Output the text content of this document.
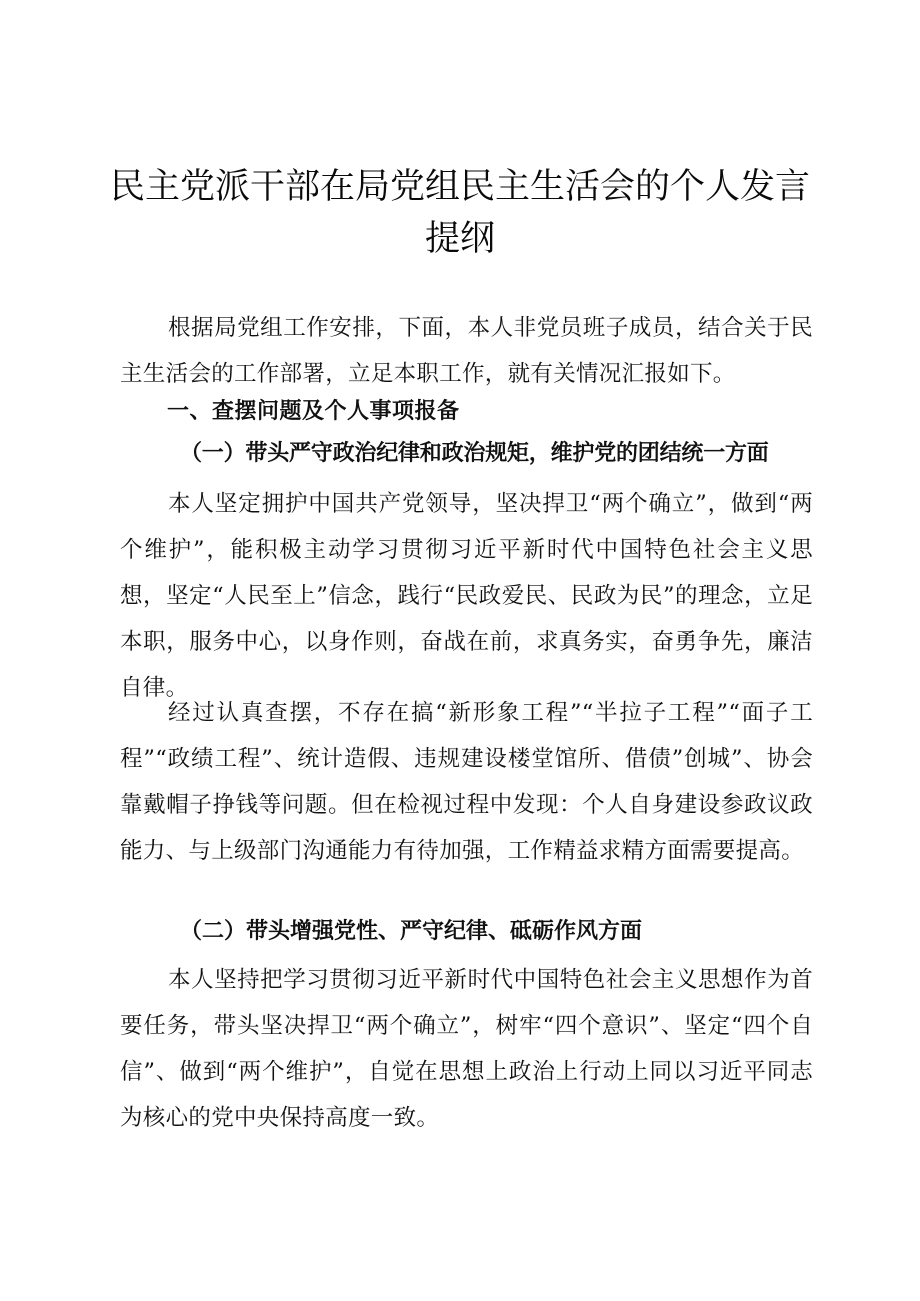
民主党派干部在局党组民主生活会的个人发言
提纲

根据局党组工作安排，下面，本人非党员班子成员，结合关于民主生活会的工作部署，立足本职工作，就有关情况汇报如下。

一、查摆问题及个人事项报备
（一）带头严守政治纪律和政治规矩，维护党的团结统一方面

本人坚定拥护中国共产党领导，坚决捍卫“两个确立”，做到“两个维护”，能积极主动学习贯彻习近平新时代中国特色社会主义思想，坚定“人民至上”信念，践行“民政爱民、民政为民”的理念，立足本职，服务中心，以身作则，奋战在前，求真务实，奋勇争先，廉洁自律。

经过认真查摆，不存在搞“新形象工程”“半拉子工程”“面子工程”“政绩工程”、统计造假、违规建设楼堂馆所、借债”创城”、协会靠戴帽子挣钱等问题。但在检视过程中发现：个人自身建设参政议政能力、与上级部门沟通能力有待加强，工作精益求精方面需要提高。

（二）带头增强党性、严守纪律、砥砺作风方面

本人坚持把学习贯彻习近平新时代中国特色社会主义思想作为首要任务，带头坚决捍卫“两个确立”，树牢“四个意识”、坚定“四个自信”、做到“两个维护”，自觉在思想上政治上行动上同以习近平同志为核心的党中央保持高度一致。
